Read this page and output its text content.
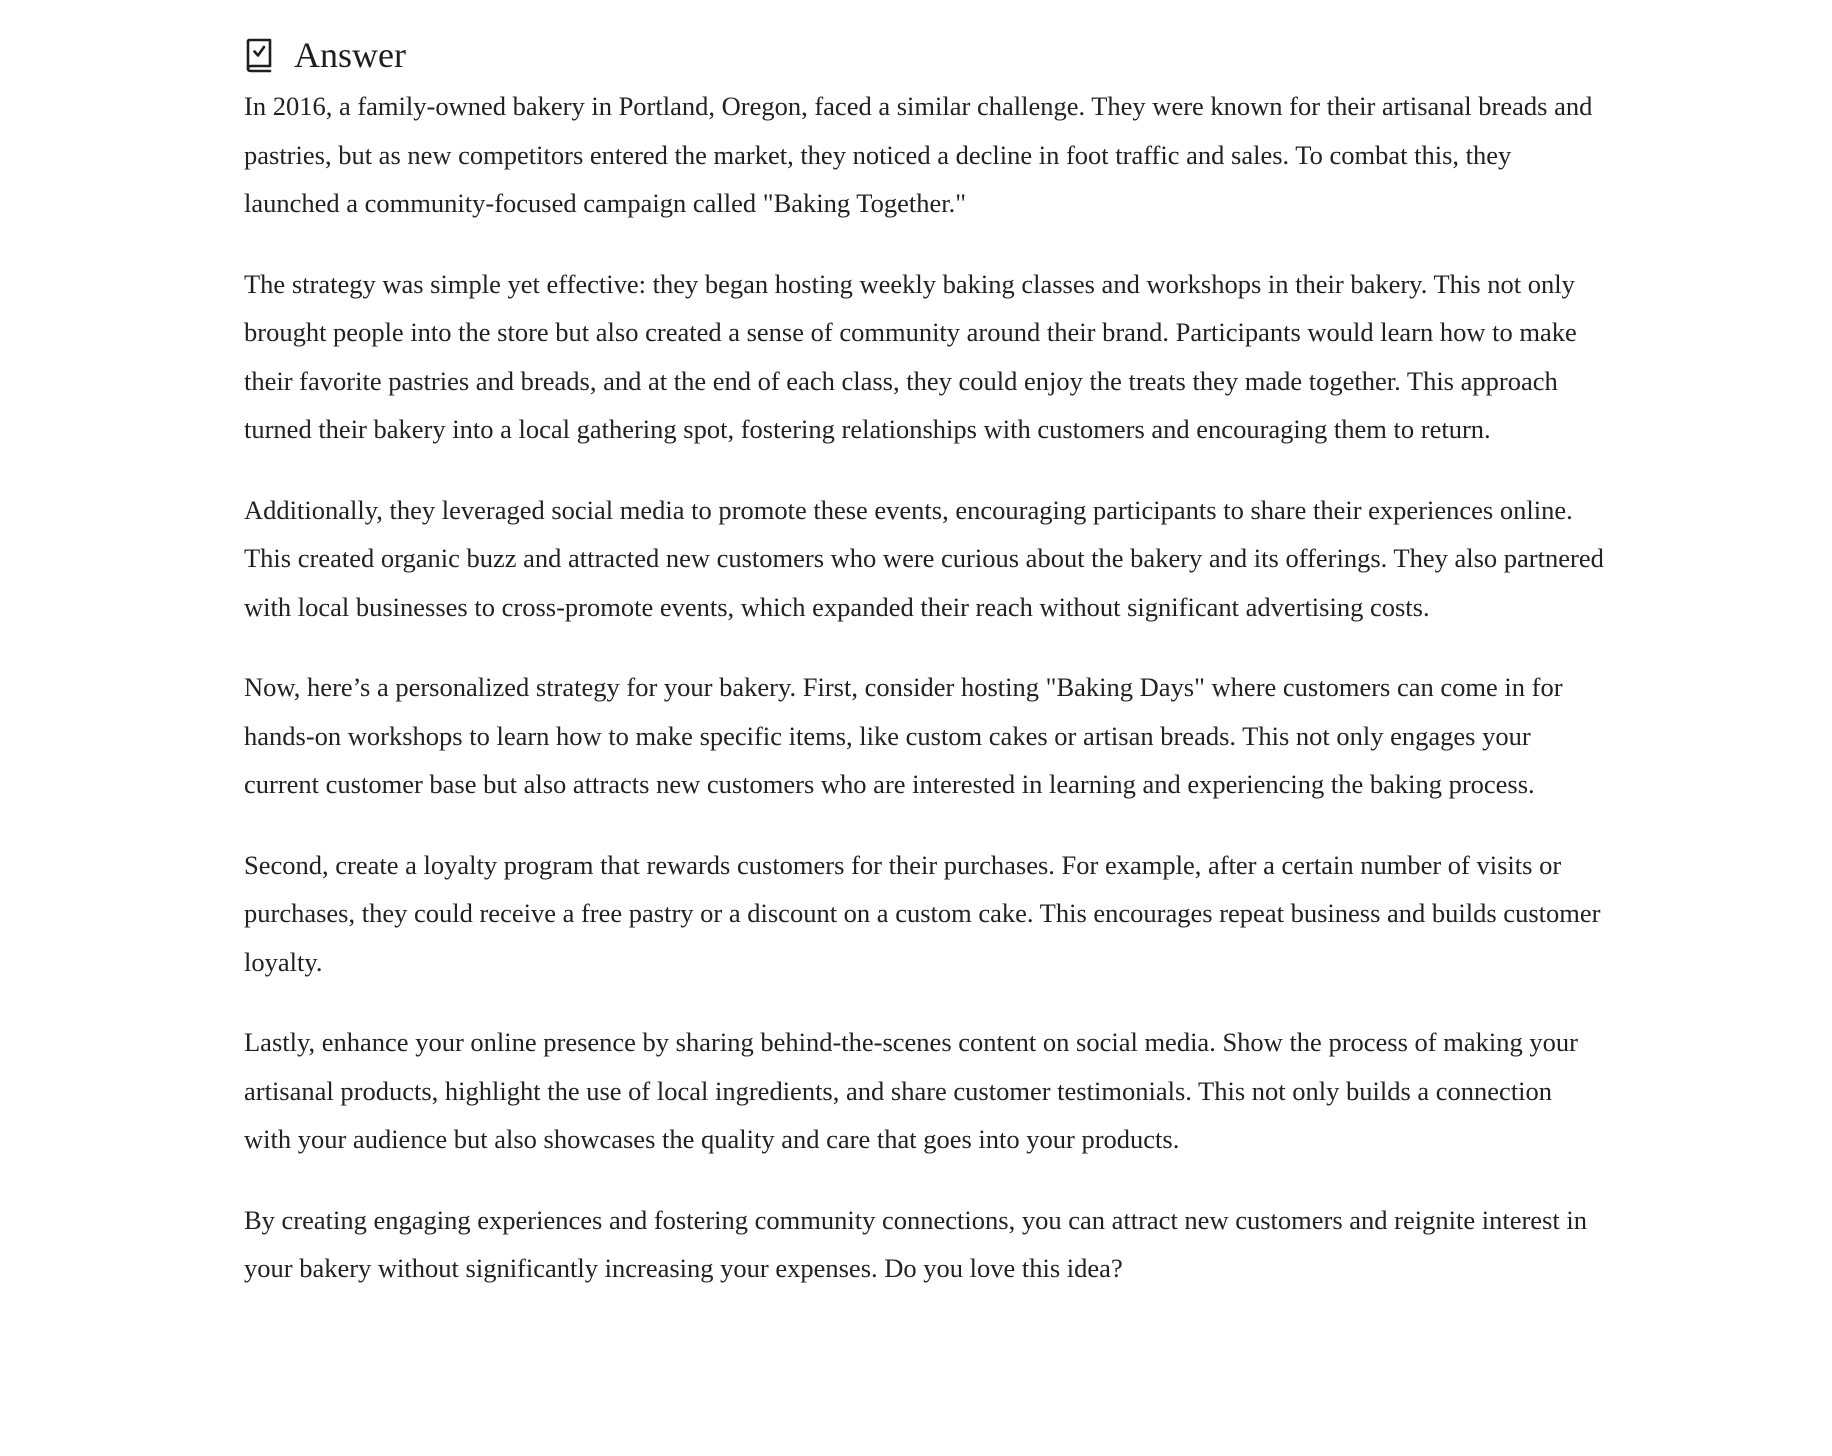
Answer

In 2016, a family-owned bakery in Portland, Oregon, faced a similar challenge. They were known for their artisanal breads and pastries, but as new competitors entered the market, they noticed a decline in foot traffic and sales. To combat this, they launched a community-focused campaign called "Baking Together."

The strategy was simple yet effective: they began hosting weekly baking classes and workshops in their bakery. This not only brought people into the store but also created a sense of community around their brand. Participants would learn how to make their favorite pastries and breads, and at the end of each class, they could enjoy the treats they made together. This approach turned their bakery into a local gathering spot, fostering relationships with customers and encouraging them to return.

Additionally, they leveraged social media to promote these events, encouraging participants to share their experiences online. This created organic buzz and attracted new customers who were curious about the bakery and its offerings. They also partnered with local businesses to cross-promote events, which expanded their reach without significant advertising costs.

Now, here’s a personalized strategy for your bakery. First, consider hosting "Baking Days" where customers can come in for hands-on workshops to learn how to make specific items, like custom cakes or artisan breads. This not only engages your current customer base but also attracts new customers who are interested in learning and experiencing the baking process.

Second, create a loyalty program that rewards customers for their purchases. For example, after a certain number of visits or purchases, they could receive a free pastry or a discount on a custom cake. This encourages repeat business and builds customer loyalty.

Lastly, enhance your online presence by sharing behind-the-scenes content on social media. Show the process of making your artisanal products, highlight the use of local ingredients, and share customer testimonials. This not only builds a connection with your audience but also showcases the quality and care that goes into your products.

By creating engaging experiences and fostering community connections, you can attract new customers and reignite interest in your bakery without significantly increasing your expenses. Do you love this idea?
